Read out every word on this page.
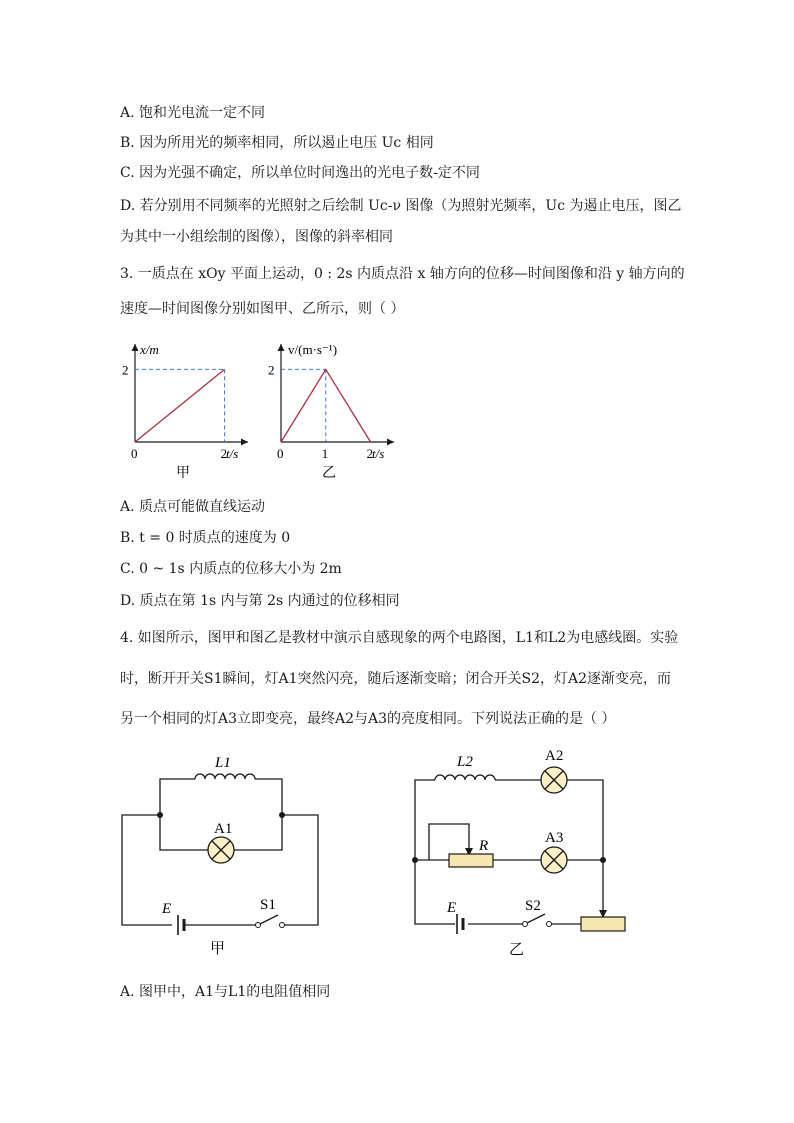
A. 饱和光电流一定不同
B. 因为所用光的频率相同，所以遏止电压 Uc 相同
C. 因为光强不确定，所以单位时间逸出的光电子数-定不同
D. 若分别用不同频率的光照射之后绘制 Uc-ν 图像（为照射光频率，Uc 为遏止电压，图乙
为其中一小组绘制的图像），图像的斜率相同
3. 一质点在 xOy 平面上运动，0 : 2s 内质点沿 x 轴方向的位移—时间图像和沿 y 轴方向的
速度—时间图像分别如图甲、乙所示，则（ ）
x/m
2
0	2
t/s
甲
v/(m·s⁻¹)
2
0	1	2
t/s
乙
A. 质点可能做直线运动
B. t = 0 时质点的速度为 0
C. 0 ~ 1s 内质点的位移大小为 2m
D. 质点在第 1s 内与第 2s 内通过的位移相同
4. 如图所示，图甲和图乙是教材中演示自感现象的两个电路图，L1和L2为电感线圈。实验
时，断开开关S1瞬间，灯A1突然闪亮，随后逐渐变暗；闭合开关S2，灯A2逐渐变亮，而
另一个相同的灯A3立即变亮，最终A2与A3的亮度相同。下列说法正确的是（ ）
L1
A1
E	S1
甲
L2	A2
A3
R
E	S2
乙
A. 图甲中，A1与L1的电阻值相同
